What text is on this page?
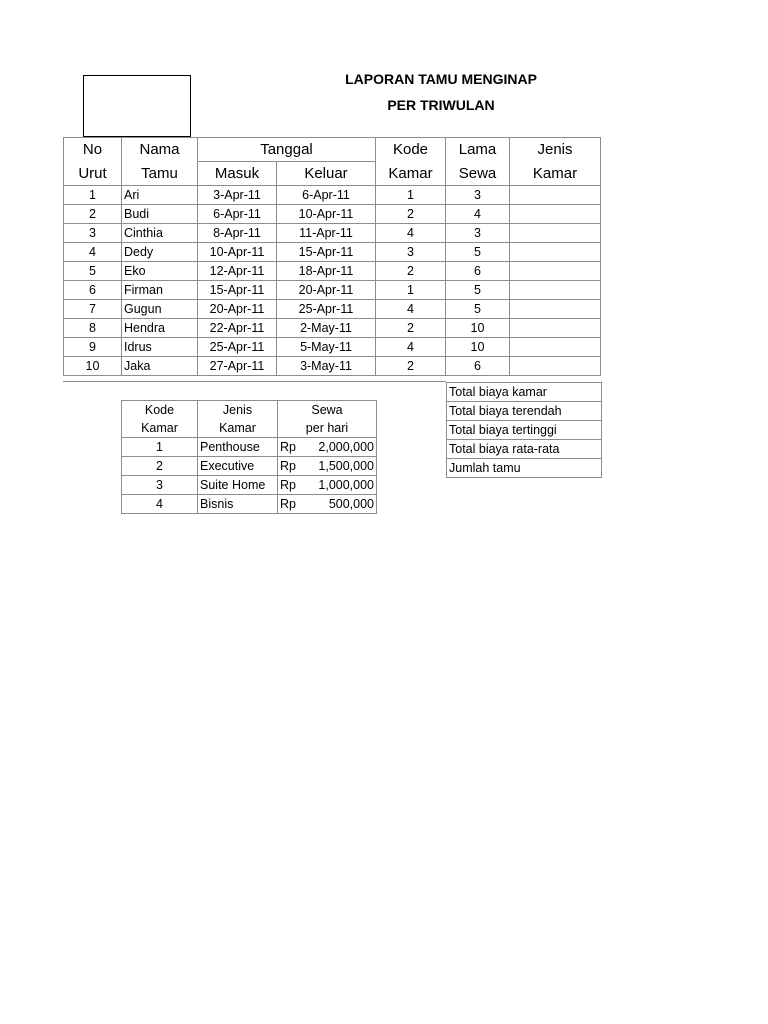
LAPORAN TAMU MENGINAP
PER TRIWULAN
No	Nama	Tanggal		Kode	Lama	Jenis
Urut	Tamu	Masuk	Keluar	Kamar	Sewa	Kamar
1	Ari	3-Apr-11	6-Apr-11	1	3	
2	Budi	6-Apr-11	10-Apr-11	2	4	
3	Cinthia	8-Apr-11	11-Apr-11	4	3	
4	Dedy	10-Apr-11	15-Apr-11	3	5	
5	Eko	12-Apr-11	18-Apr-11	2	6	
6	Firman	15-Apr-11	20-Apr-11	1	5	
7	Gugun	20-Apr-11	25-Apr-11	4	5	
8	Hendra	22-Apr-11	2-May-11	2	10	
9	Idrus	25-Apr-11	5-May-11	4	10	
10	Jaka	27-Apr-11	3-May-11	2	6	
Total biaya kamar
Total biaya terendah
Total biaya tertinggi
Total biaya rata-rata
Jumlah tamu
Kode	Jenis	Sewa
Kamar	Kamar	per hari
1	Penthouse	Rp 2,000,000

2	Executive	Rp 1,500,000

3	Suite Home	Rp 1,000,000

4	Bisnis	Rp 500,000
